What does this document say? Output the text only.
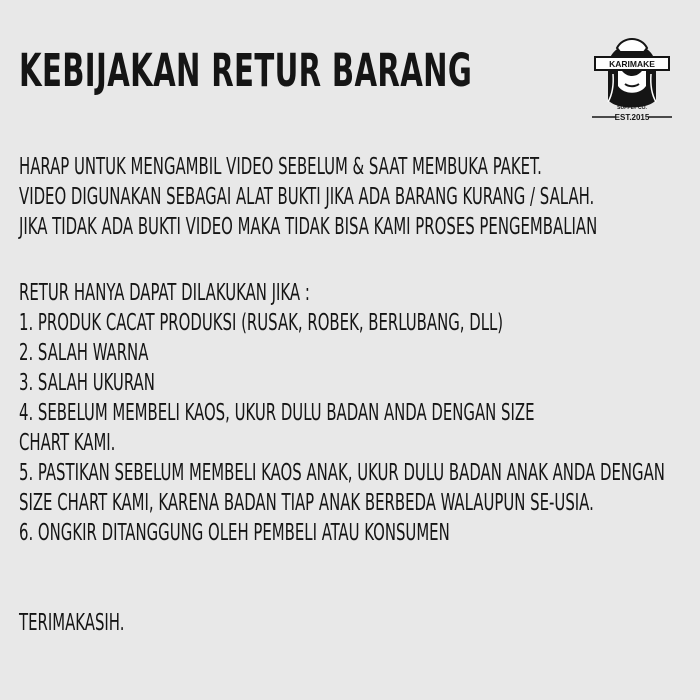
KEBIJAKAN RETUR BARANG	KARIMAKE
SUPPLY CO.
EST.2015
HARAP UNTUK MENGAMBIL VIDEO SEBELUM & SAAT MEMBUKA PAKET.
VIDEO DIGUNAKAN SEBAGAI ALAT BUKTI JIKA ADA BARANG KURANG / SALAH.
JIKA TIDAK ADA BUKTI VIDEO MAKA TIDAK BISA KAMI PROSES PENGEMBALIAN
RETUR HANYA DAPAT DILAKUKAN JIKA :
1. PRODUK CACAT PRODUKSI (RUSAK, ROBEK, BERLUBANG, DLL)
2. SALAH WARNA
3. SALAH UKURAN
4. SEBELUM MEMBELI KAOS, UKUR DULU BADAN ANDA DENGAN SIZE
CHART KAMI.
5. PASTIKAN SEBELUM MEMBELI KAOS ANAK, UKUR DULU BADAN ANAK ANDA DENGAN
SIZE CHART KAMI, KARENA BADAN TIAP ANAK BERBEDA WALAUPUN SE-USIA.
6. ONGKIR DITANGGUNG OLEH PEMBELI ATAU KONSUMEN
TERIMAKASIH.
